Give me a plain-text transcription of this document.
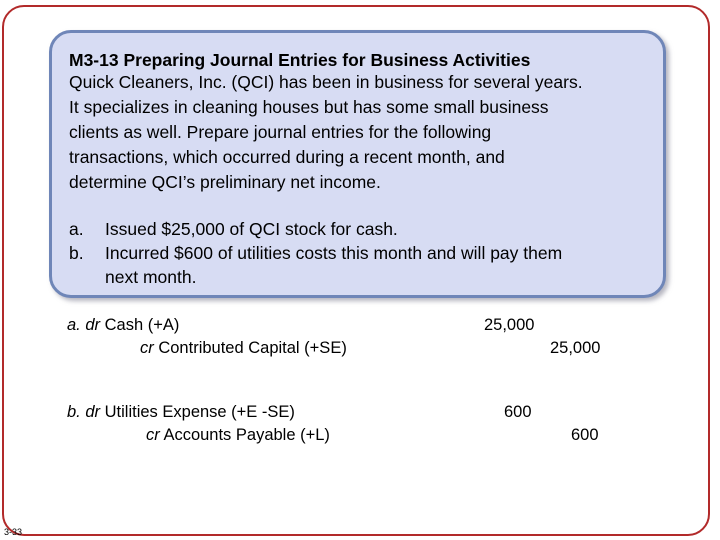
M3-13 Preparing Journal Entries for Business Activities
Quick Cleaners, Inc. (QCI) has been in business for several years.
It specializes in cleaning houses but has some small business
clients as well. Prepare journal entries for the following
transactions, which occurred during a recent month, and
determine QCI’s preliminary net income.
a. Issued $25,000 of QCI stock for cash.
b. Incurred $600 of utilities costs this month and will pay them
next month.
a. dr Cash (+A)
cr Contributed Capital (+SE)
25,000
25,000
b. dr Utilities Expense (+E -SE)
cr Accounts Payable (+L)
600
600
3-33
